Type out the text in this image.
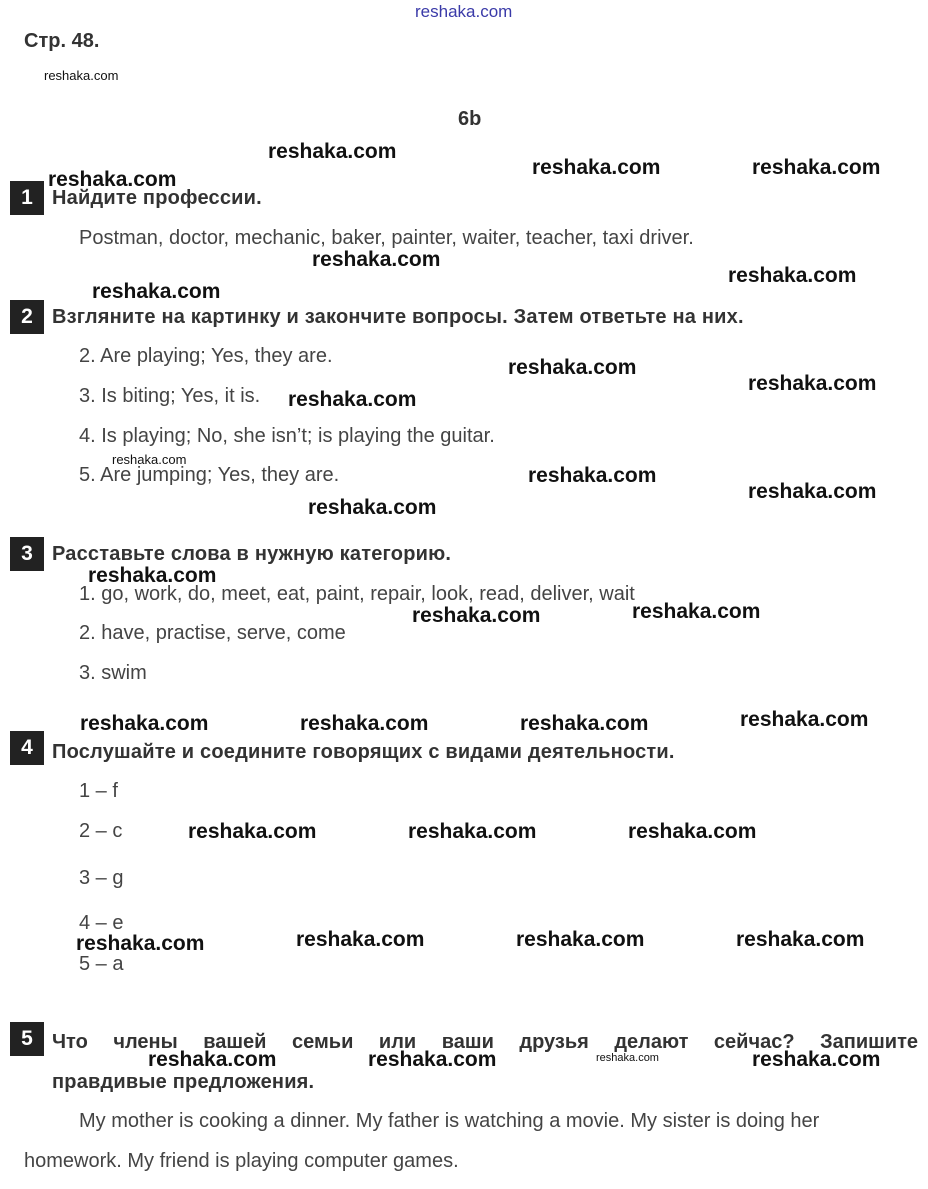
reshaka.com
Стр. 48.
reshaka.com
6b
1 Найдите профессии.
Postman, doctor, mechanic, baker, painter, waiter, teacher, taxi driver.
2 Взгляните на картинку и закончите вопросы. Затем ответьте на них.
2. Are playing; Yes, they are.
3. Is biting; Yes, it is.
4. Is playing; No, she isn’t; is playing the guitar.
5. Are jumping; Yes, they are.
3 Расставьте слова в нужную категорию.
1. go, work, do, meet, eat, paint, repair, look, read, deliver, wait
2. have, practise, serve, come
3. swim
4 Послушайте и соедините говорящих с видами деятельности.
1 – f
2 – c
3 – g
4 – e
5 – a
5 Что члены вашей семьи или ваши друзья делают сейчас? Запишите
правдивые предложения.
My mother is cooking a dinner. My father is watching a movie. My sister is doing her
homework. My friend is playing computer games.
reshaka.com
reshaka.com	reshaka.com
reshaka.com
reshaka.com
reshaka.com
reshaka.com
reshaka.com
reshaka.com
reshaka.com
reshaka.com
reshaka.com
reshaka.com
reshaka.com
reshaka.com
reshaka.com
reshaka.com
reshaka.com
reshaka.com	reshaka.com	reshaka.com
reshaka.com	reshaka.com	reshaka.com
reshaka.com	reshaka.com	reshaka.com
reshaka.com
reshaka.com	reshaka.com	reshaka.com
reshaka.com
